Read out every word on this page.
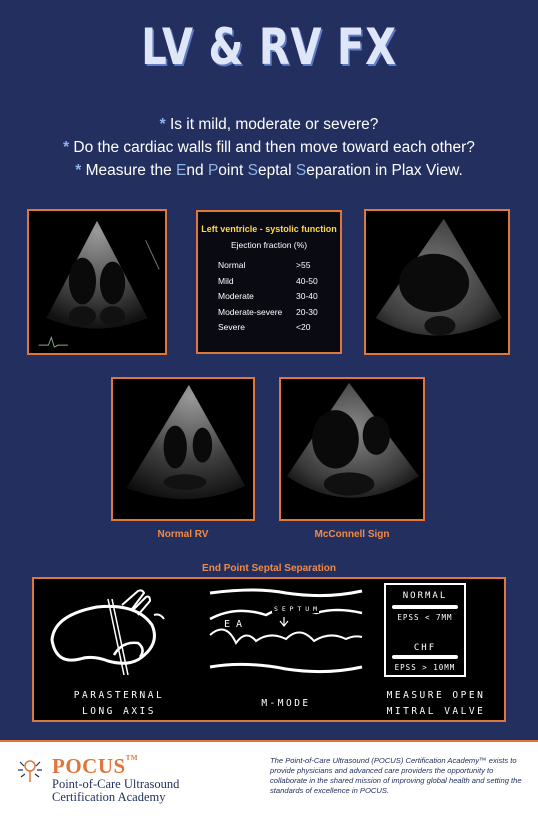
LV & RV FX
* Is it mild, moderate or severe?
* Do the cardiac walls fill and then move toward each other?
* Measure the End Point Septal Separation in Plax View.
Left ventricle - systolic function
Ejection fraction (%)
Normal	>55
Mild	40-50
Moderate	30-40
Moderate-severe	20-30
Severe	<20
Normal RV	McConnell Sign
End Point Septal Separation
E A
S E P T U M
NORMAL
EPSS < 7MM
CHF
EPSS > 10MM
PARASTERNAL
LONG AXIS
M-MODE
MEASURE OPEN
MITRAL VALVE
POCUS™
Point-of-Care Ultrasound
Certification Academy
The Point-of-Care Ultrasound (POCUS) Certification Academy™ exists to provide physicians and advanced care providers the opportunity to collaborate in the shared mission of improving global health and setting the standards of excellence in POCUS.
